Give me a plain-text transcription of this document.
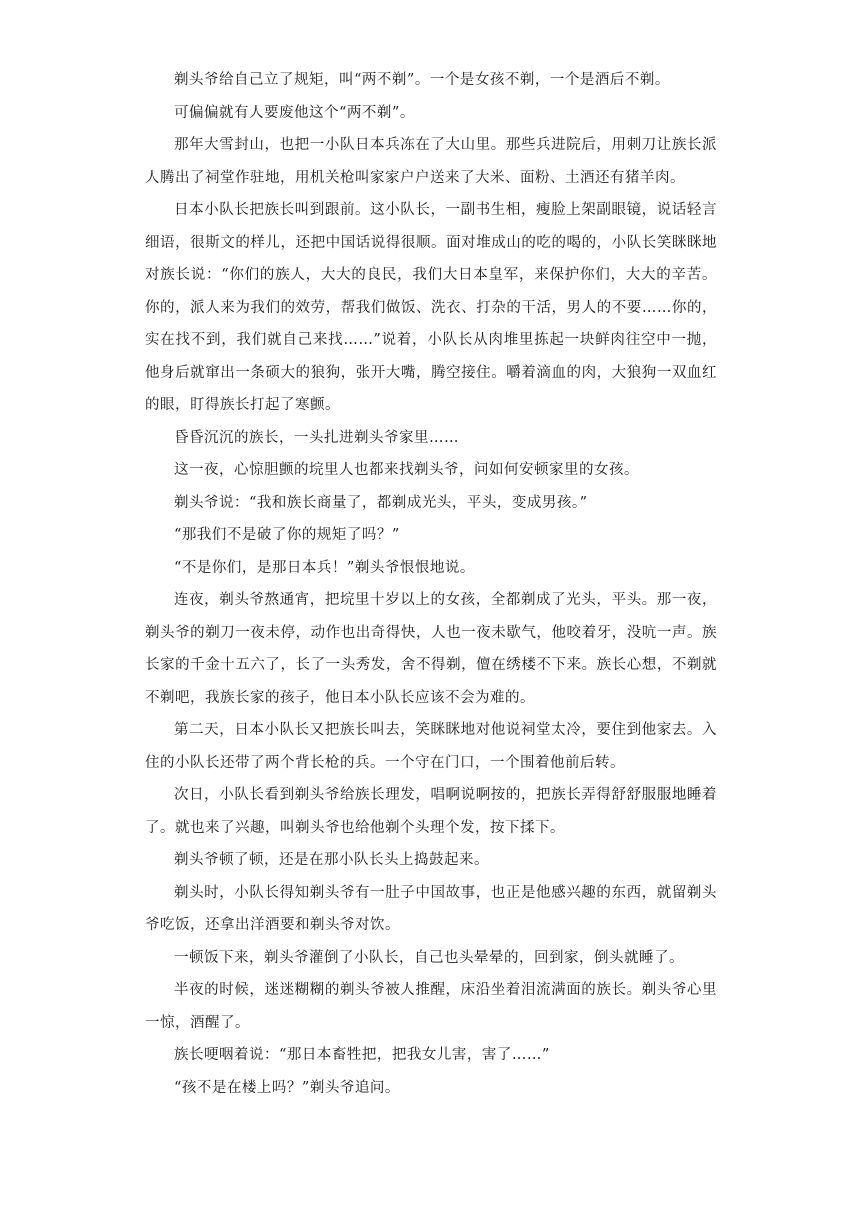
剃头爷给自己立了规矩，叫“两不剃”。一个是女孩不剃，一个是酒后不剃。

可偏偏就有人要废他这个“两不剃”。

那年大雪封山，也把一小队日本兵冻在了大山里。那些兵进院后，用刺刀让族长派人腾出了祠堂作驻地，用机关枪叫家家户户送来了大米、面粉、土酒还有猪羊肉。

日本小队长把族长叫到跟前。这小队长，一副书生相，瘦脸上架副眼镜，说话轻言细语，很斯文的样儿，还把中国话说得很顺。面对堆成山的吃的喝的，小队长笑眯眯地对族长说：“你们的族人，大大的良民，我们大日本皇军，来保护你们，大大的辛苦。你的，派人来为我们的效劳，帮我们做饭、洗衣、打杂的干活，男人的不要……你的，实在找不到，我们就自己来找……”说着，小队长从肉堆里拣起一块鲜肉往空中一抛，他身后就窜出一条硕大的狼狗，张开大嘴，腾空接住。嚼着滴血的肉，大狼狗一双血红的眼，盯得族长打起了寒颤。

昏昏沉沉的族长，一头扎进剃头爷家里……

这一夜，心惊胆颤的垸里人也都来找剃头爷，问如何安顿家里的女孩。

剃头爷说：“我和族长商量了，都剃成光头，平头，变成男孩。”

“那我们不是破了你的规矩了吗？”

“不是你们，是那日本兵！”剃头爷恨恨地说。

连夜，剃头爷熬通宵，把垸里十岁以上的女孩，全都剃成了光头，平头。那一夜，剃头爷的剃刀一夜未停，动作也出奇得快，人也一夜未歇气，他咬着牙，没吭一声。族长家的千金十五六了，长了一头秀发，舍不得剃，儃在绣楼不下来。族长心想，不剃就不剃吧，我族长家的孩子，他日本小队长应该不会为难的。

第二天，日本小队长又把族长叫去，笑眯眯地对他说祠堂太冷，要住到他家去。入住的小队长还带了两个背长枪的兵。一个守在门口，一个围着他前后转。

次日，小队长看到剃头爷给族长理发，唱啊说啊按的，把族长弄得舒舒服服地睡着了。就也来了兴趣，叫剃头爷也给他剃个头理个发，按下揉下。

剃头爷顿了顿，还是在那小队长头上捣鼓起来。

剃头时，小队长得知剃头爷有一肚子中国故事，也正是他感兴趣的东西，就留剃头爷吃饭，还拿出洋酒要和剃头爷对饮。

一顿饭下来，剃头爷灌倒了小队长，自己也头晕晕的，回到家，倒头就睡了。

半夜的时候，迷迷糊糊的剃头爷被人推醒，床沿坐着泪流满面的族长。剃头爷心里一惊，酒醒了。

族长哽咽着说：“那日本畜牲把，把我女儿害，害了……”

“孩不是在楼上吗？”剃头爷追问。
